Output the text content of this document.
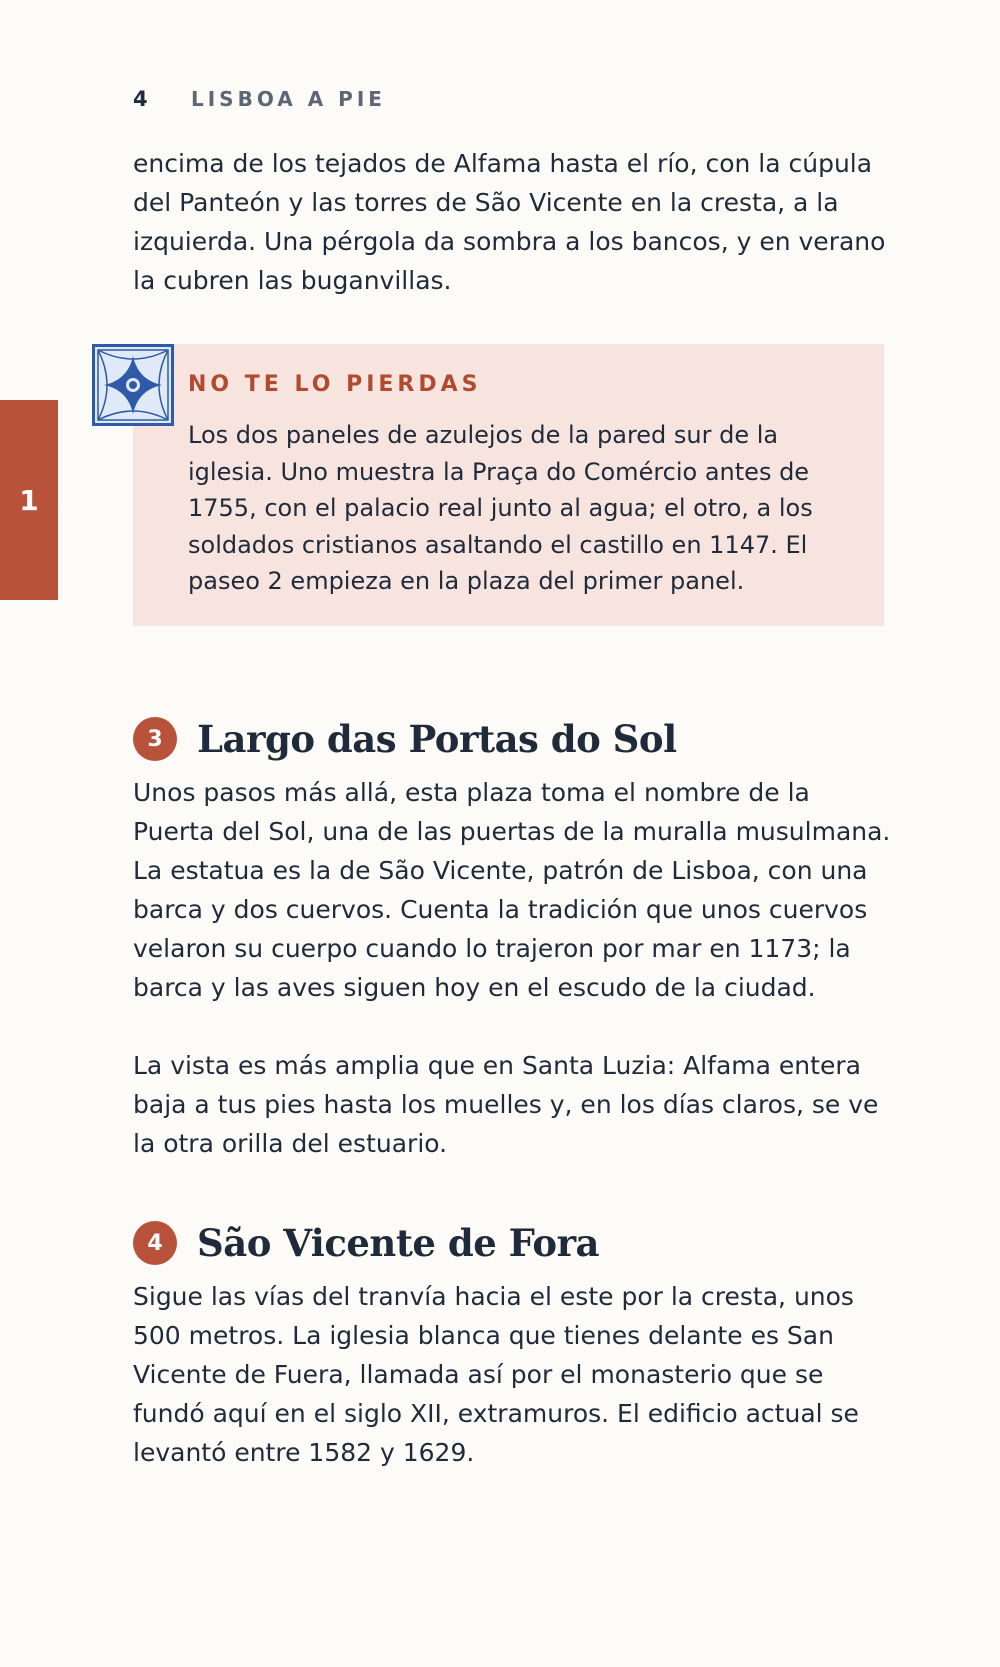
4	LISBOA A PIE

encima de los tejados de Alfama hasta el río, con la cúpula del Panteón y las torres de São Vicente en la cresta, a la izquierda. Una pérgola da sombra a los bancos, y en verano la cubren las buganvillas.

1

NO TE LO PIERDAS

Los dos paneles de azulejos de la pared sur de la iglesia. Uno muestra la Praça do Comércio antes de 1755, con el palacio real junto al agua; el otro, a los soldados cristianos asaltando el castillo en 1147. El paseo 2 empieza en la plaza del primer panel.

3 Largo das Portas do Sol

Unos pasos más allá, esta plaza toma el nombre de la Puerta del Sol, una de las puertas de la muralla musulmana. La estatua es la de São Vicente, patrón de Lisboa, con una barca y dos cuervos. Cuenta la tradición que unos cuervos velaron su cuerpo cuando lo trajeron por mar en 1173; la barca y las aves siguen hoy en el escudo de la ciudad.

La vista es más amplia que en Santa Luzia: Alfama entera baja a tus pies hasta los muelles y, en los días claros, se ve la otra orilla del estuario.

4 São Vicente de Fora

Sigue las vías del tranvía hacia el este por la cresta, unos 500 metros. La iglesia blanca que tienes delante es San Vicente de Fuera, llamada así por el monasterio que se fundó aquí en el siglo XII, extramuros. El edificio actual se levantó entre 1582 y 1629.
